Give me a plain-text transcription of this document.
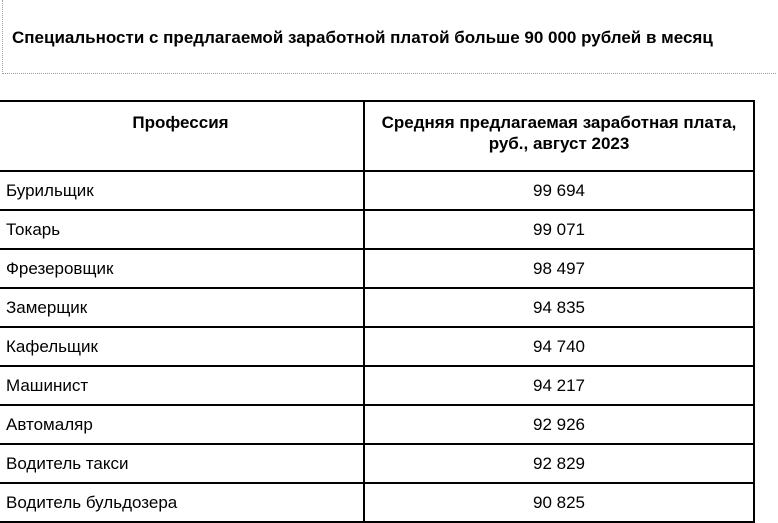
Специальности с предлагаемой заработной платой больше 90 000 рублей в месяц
Профессия	Средняя предлагаемая заработная плата, руб., август 2023
Бурильщик	99 694
Токарь	99 071
Фрезеровщик	98 497
Замерщик	94 835
Кафельщик	94 740
Машинист	94 217
Автомаляр	92 926
Водитель такси	92 829
Водитель бульдозера	90 825
